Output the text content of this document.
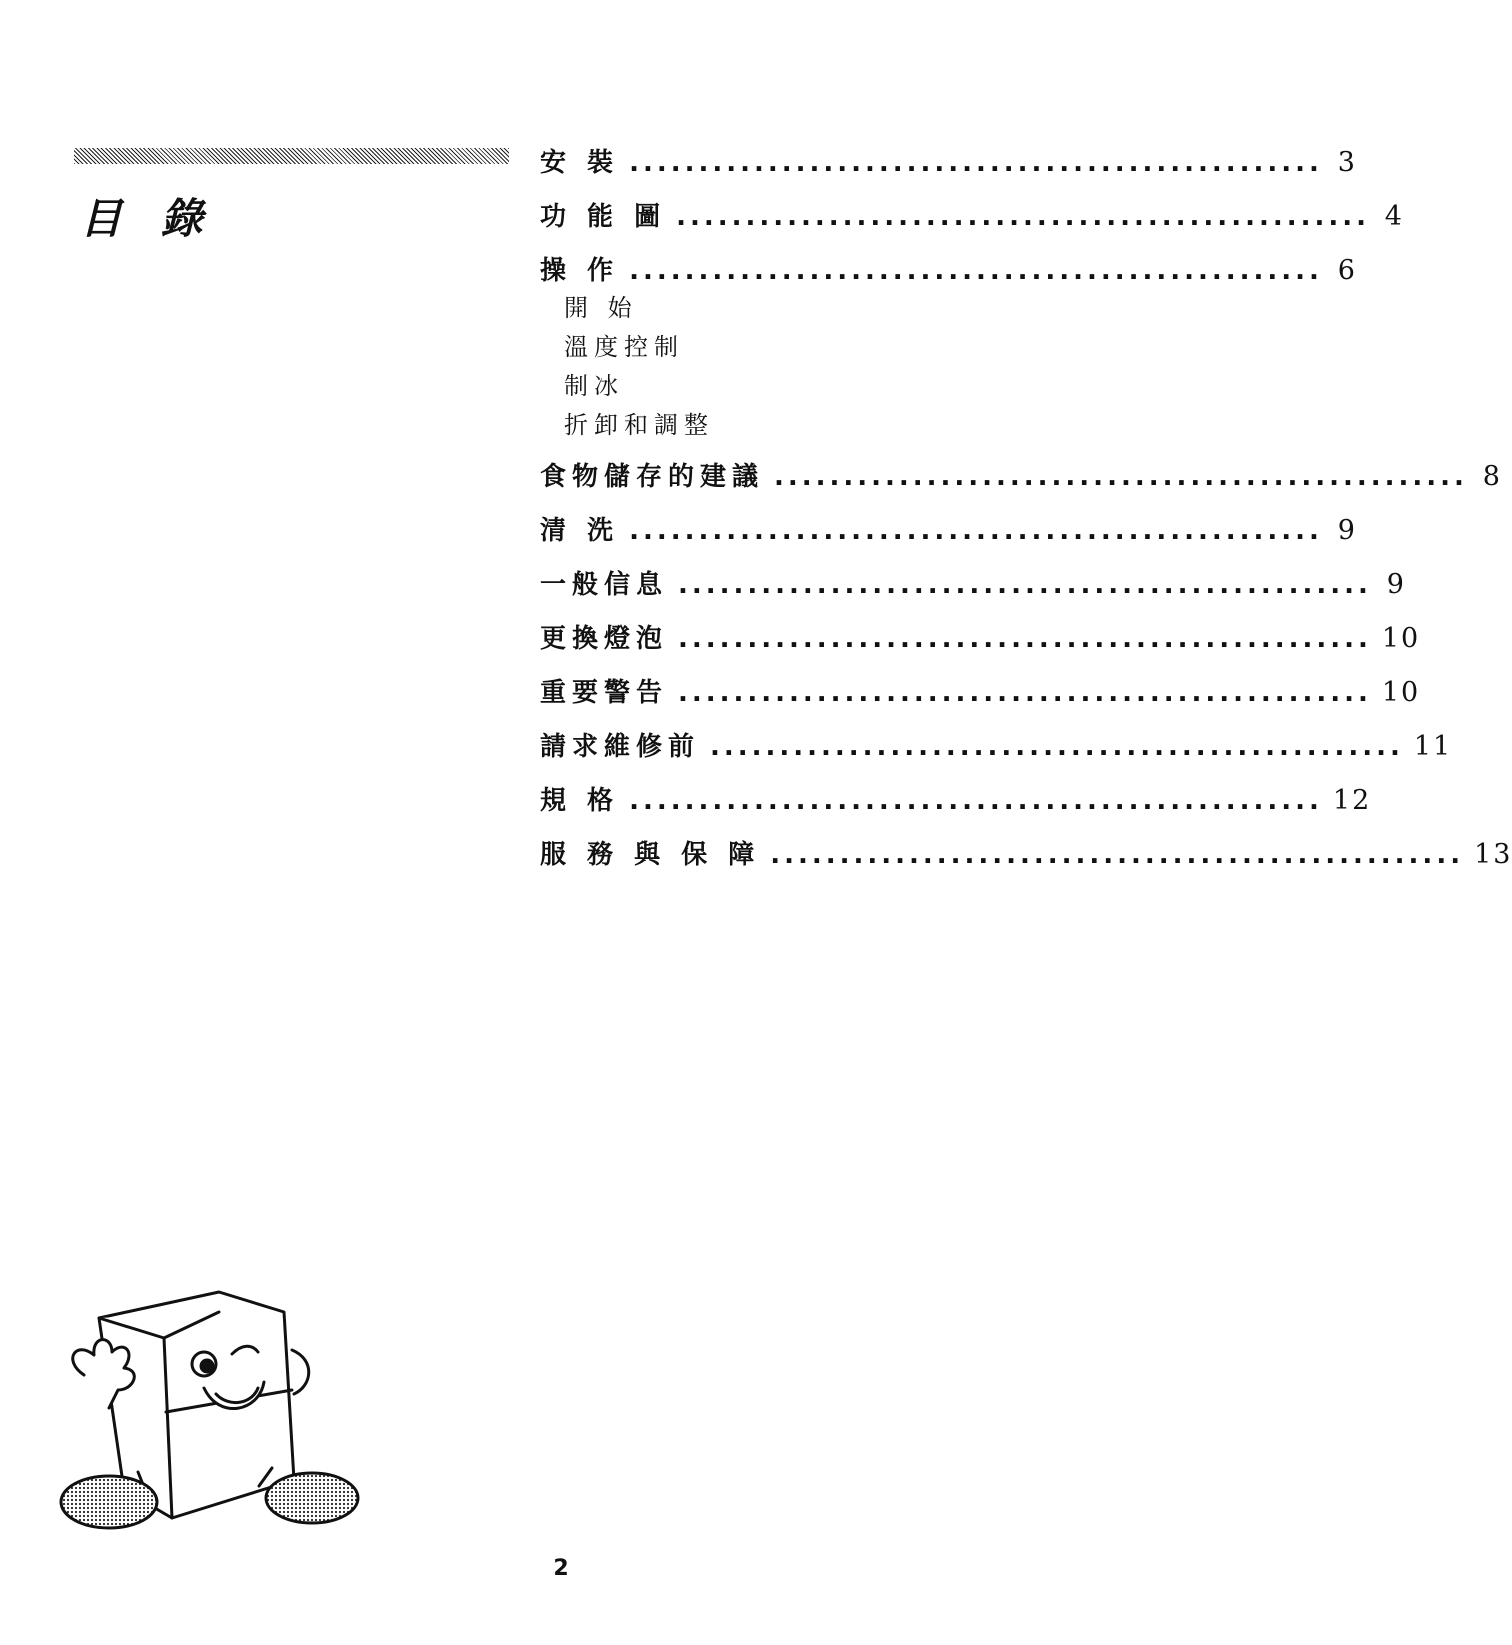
目 錄
安 裝 .................................................. 3
功 能 圖 .................................................. 4
操 作 .................................................. 6
開 始
溫度控制
制冰
折卸和調整
食物儲存的建議 .................................................. 8
清 洗 .................................................. 9
一般信息 .................................................. 9
更換燈泡 .................................................. 10
重要警告 .................................................. 10
請求維修前 .................................................. 11
規 格 .................................................. 12
服 務 與 保 障 .................................................. 13
2
